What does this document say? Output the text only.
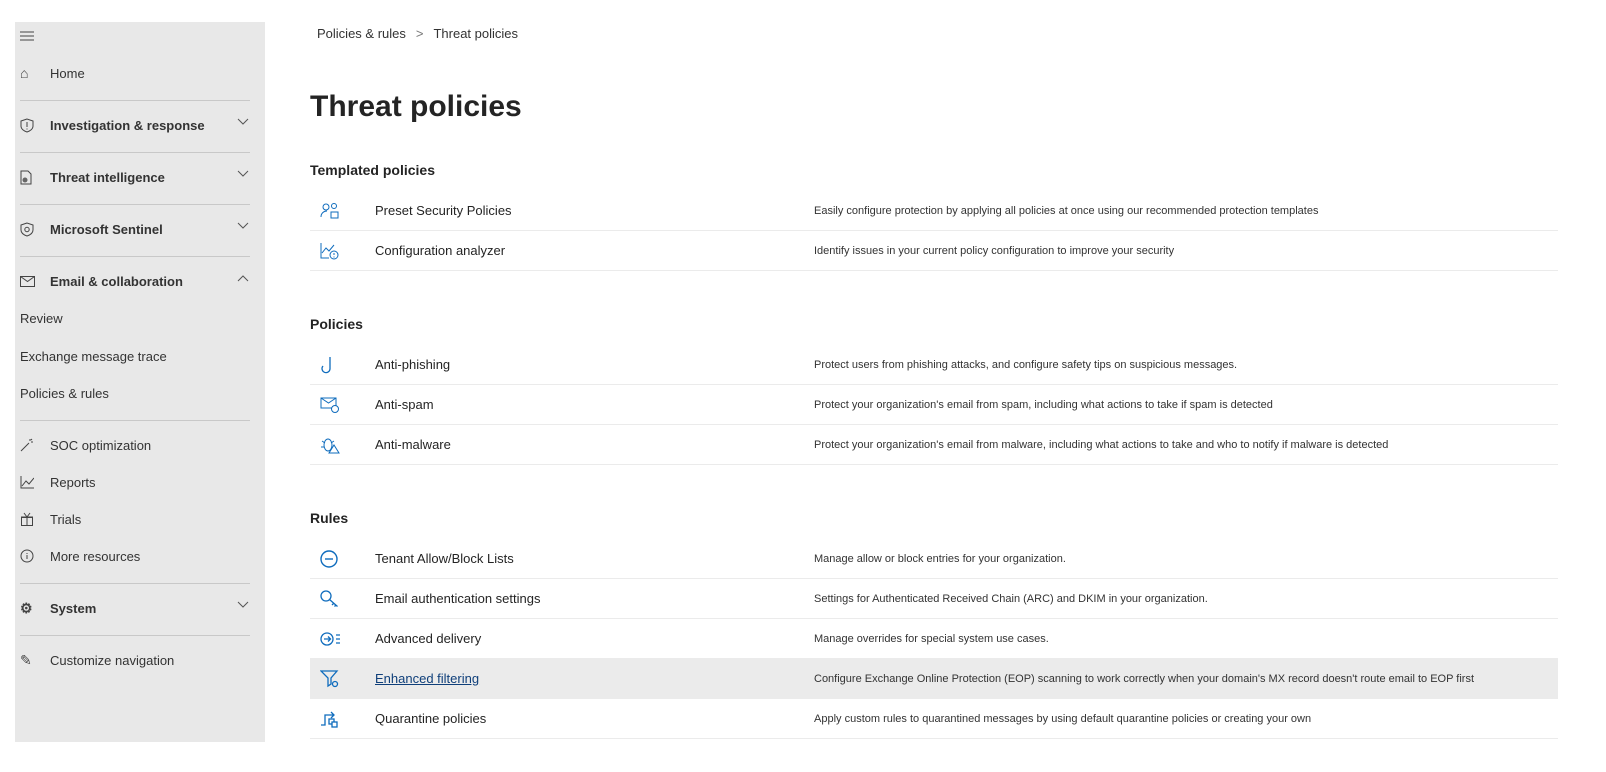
⌂	Home
Investigation & response
Threat intelligence
Microsoft Sentinel
Email & collaboration
Review
Exchange message trace
Policies & rules
SOC optimization
Reports
Trials
More resources
⚙	System
✎	Customize navigation
Policies & rules > Threat policies
Threat policies
Templated policies
Preset Security Policies	Easily configure protection by applying all policies at once using our recommended protection templates
Configuration analyzer	Identify issues in your current policy configuration to improve your security
Policies
Anti-phishing	Protect users from phishing attacks, and configure safety tips on suspicious messages.
Anti-spam	Protect your organization's email from spam, including what actions to take if spam is detected
Anti-malware	Protect your organization's email from malware, including what actions to take and who to notify if malware is detected
Rules
Tenant Allow/Block Lists	Manage allow or block entries for your organization.
Email authentication settings	Settings for Authenticated Received Chain (ARC) and DKIM in your organization.
Advanced delivery	Manage overrides for special system use cases.
Enhanced filtering	Configure Exchange Online Protection (EOP) scanning to work correctly when your domain's MX record doesn't route email to EOP first
Quarantine policies	Apply custom rules to quarantined messages by using default quarantine policies or creating your own
